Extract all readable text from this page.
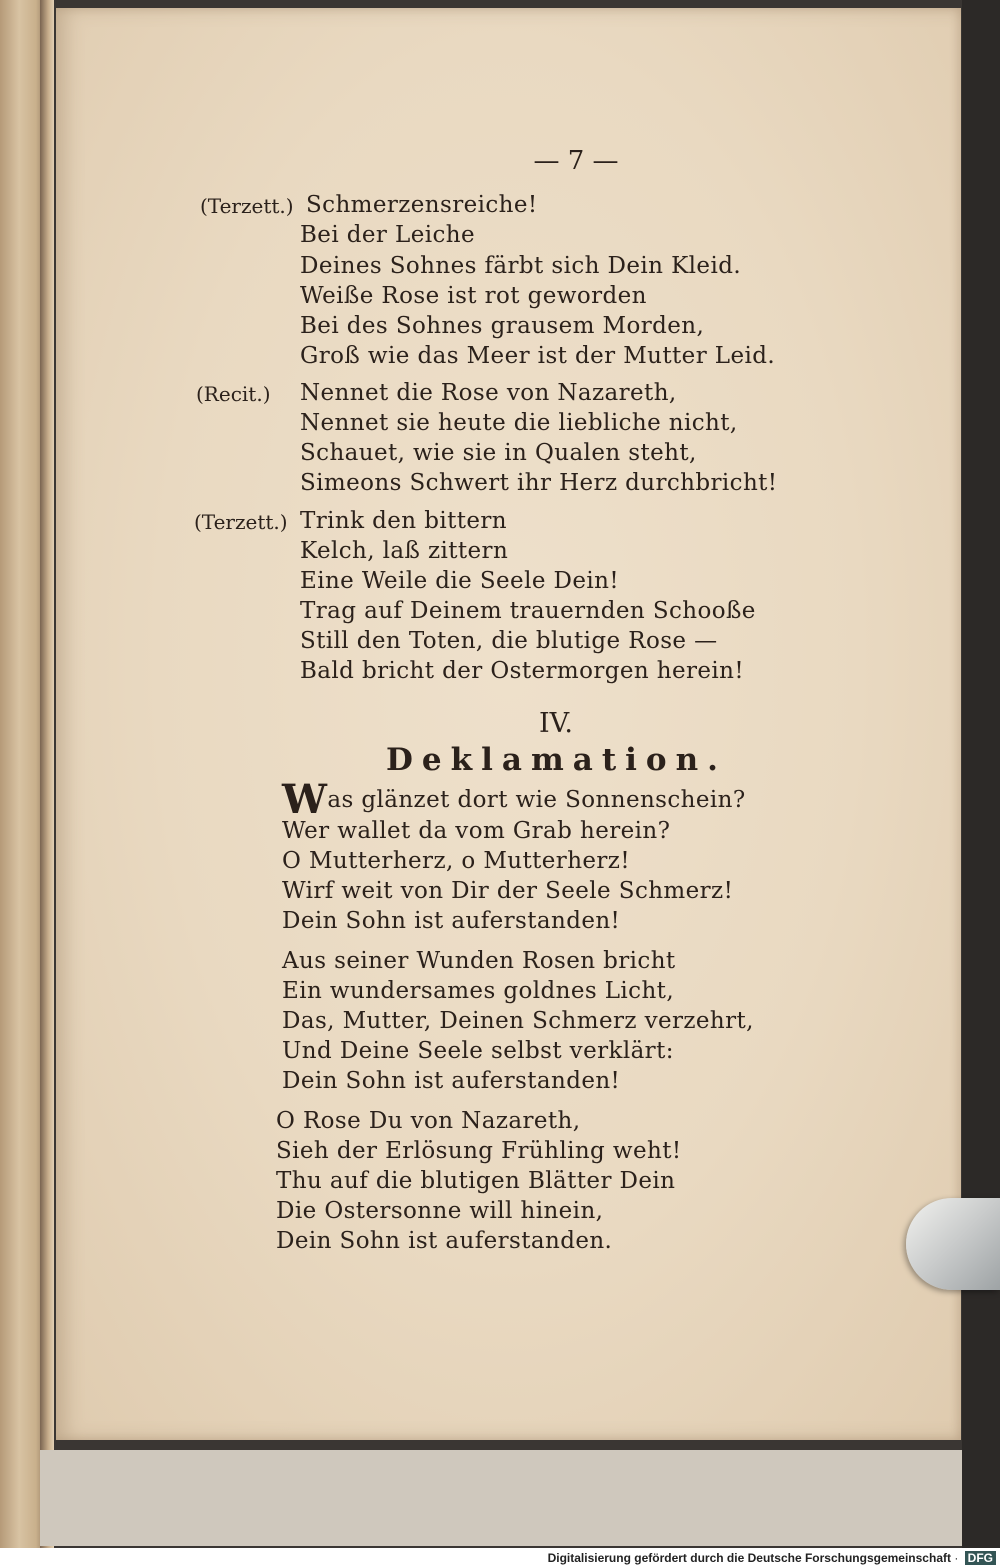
— 7 —
(Terzett.) Schmerzensreiche!
Bei der Leiche
Deines Sohnes färbt sich Dein Kleid.
Weiße Rose ist rot geworden
Bei des Sohnes grausem Morden,
Groß wie das Meer ist der Mutter Leid.
(Recit.) Nennet die Rose von Nazareth,
Nennet sie heute die liebliche nicht,
Schauet, wie sie in Qualen steht,
Simeons Schwert ihr Herz durchbricht!
(Terzett.) Trink den bittern
Kelch, laß zittern
Eine Weile die Seele Dein!
Trag auf Deinem trauernden Schooße
Still den Toten, die blutige Rose —
Bald bricht der Ostermorgen herein!
IV.
Deklamation.
Was glänzet dort wie Sonnenschein?
Wer wallet da vom Grab herein?
O Mutterherz, o Mutterherz!
Wirf weit von Dir der Seele Schmerz!
Dein Sohn ist auferstanden!
Aus seiner Wunden Rosen bricht
Ein wundersames goldnes Licht,
Das, Mutter, Deinen Schmerz verzehrt,
Und Deine Seele selbst verklärt:
Dein Sohn ist auferstanden!
O Rose Du von Nazareth,
Sieh der Erlösung Frühling weht!
Thu auf die blutigen Blätter Dein
Die Ostersonne will hinein,
Dein Sohn ist auferstanden.
Digitalisierung gefördert durch die Deutsche Forschungsgemeinschaft · DFG
